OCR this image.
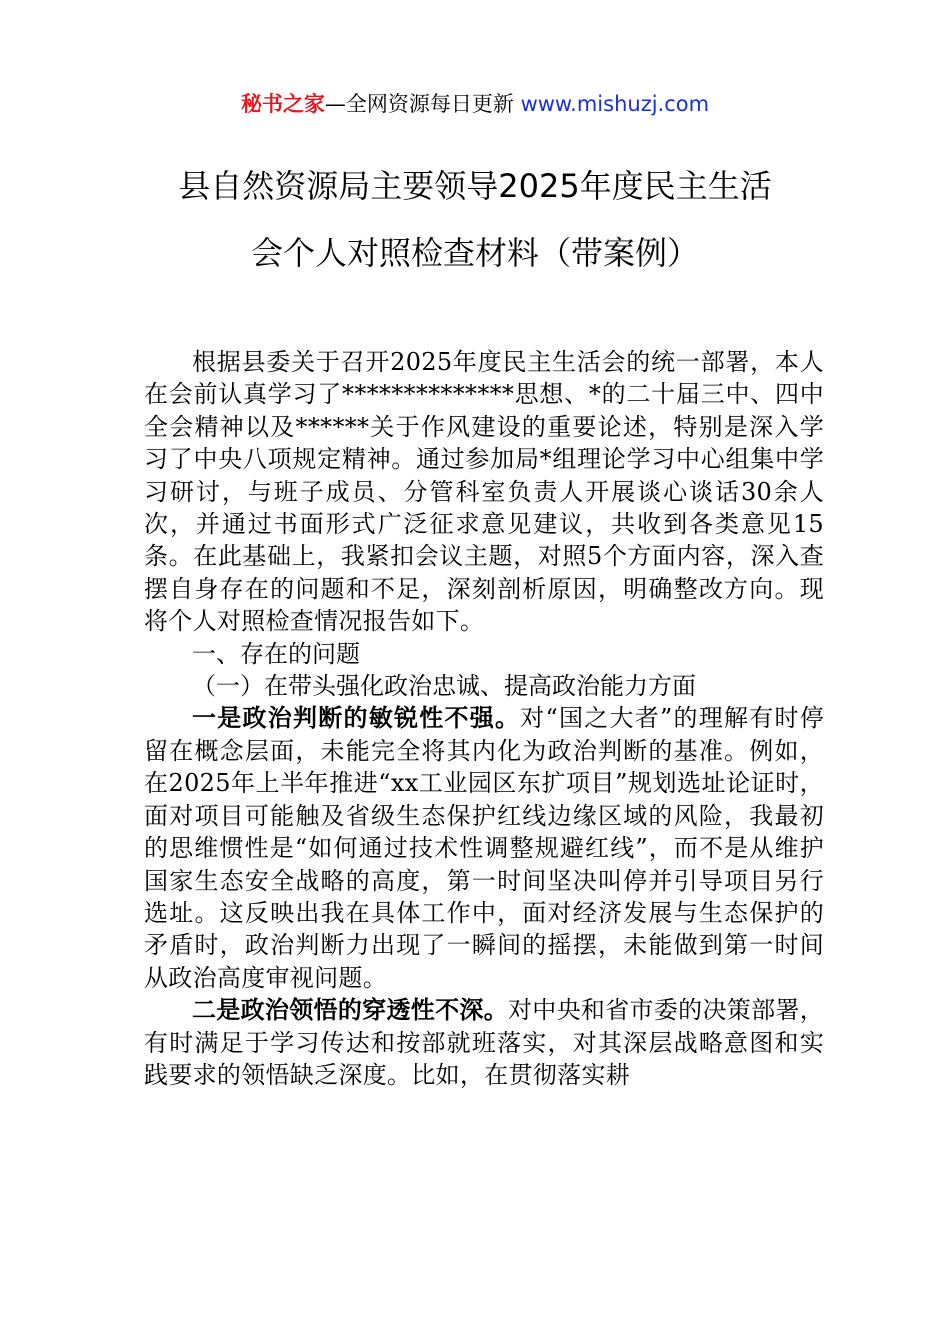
秘书之家—全网资源每日更新 www.mishuzj.com
县自然资源局主要领导2025年度民主生活
会个人对照检查材料（带案例）

根据县委关于召开2025年度民主生活会的统一部署，本人在会前认真学习了**************思想、*的二十届三中、四中全会精神以及******关于作风建设的重要论述，特别是深入学习了中央八项规定精神。通过参加局*组理论学习中心组集中学习研讨，与班子成员、分管科室负责人开展谈心谈话30余人次，并通过书面形式广泛征求意见建议，共收到各类意见15条。在此基础上，我紧扣会议主题，对照5个方面内容，深入查摆自身存在的问题和不足，深刻剖析原因，明确整改方向。现将个人对照检查情况报告如下。

一、存在的问题

（一）在带头强化政治忠诚、提高政治能力方面

一是政治判断的敏锐性不强。对“国之大者”的理解有时停留在概念层面，未能完全将其内化为政治判断的基准。例如，在2025年上半年推进“xx工业园区东扩项目”规划选址论证时，面对项目可能触及省级生态保护红线边缘区域的风险，我最初的思维惯性是“如何通过技术性调整规避红线”，而不是从维护国家生态安全战略的高度，第一时间坚决叫停并引导项目另行选址。这反映出我在具体工作中，面对经济发展与生态保护的矛盾时，政治判断力出现了一瞬间的摇摆，未能做到第一时间从政治高度审视问题。

二是政治领悟的穿透性不深。对中央和省市委的决策部署，有时满足于学习传达和按部就班落实，对其深层战略意图和实践要求的领悟缺乏深度。比如，在贯彻落实耕
